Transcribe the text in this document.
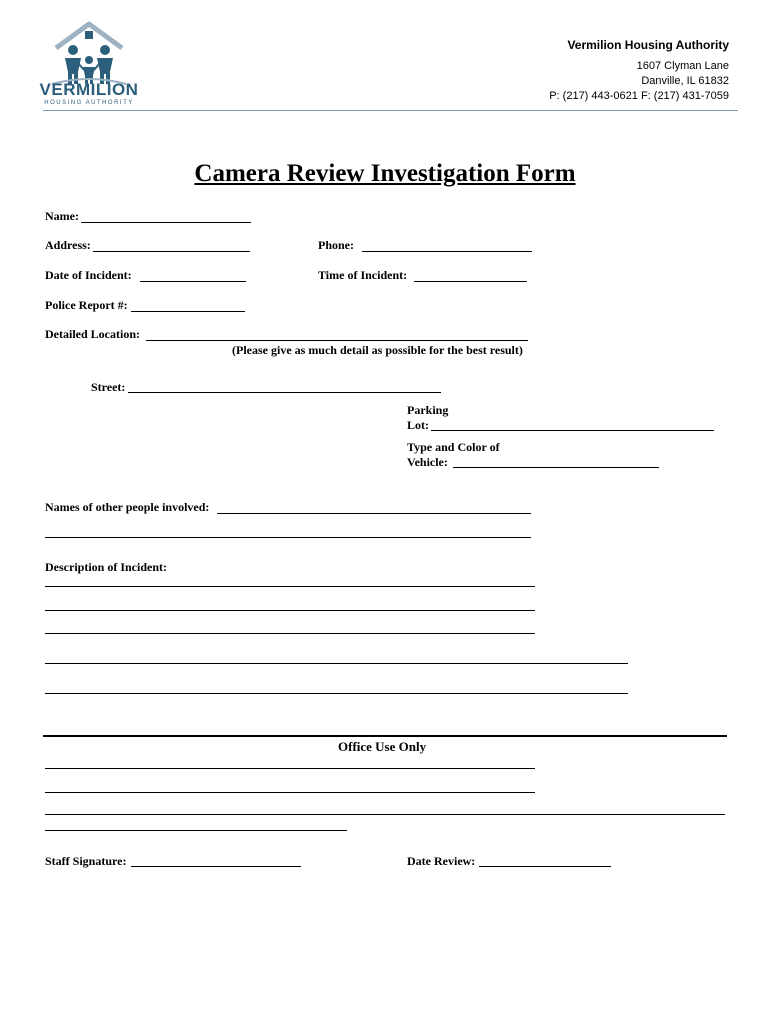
VERMILION
HOUSING AUTHORITY
Vermilion Housing Authority
1607 Clyman Lane
Danville, IL 61832
P: (217) 443-0621 F: (217) 431-7059
Camera Review Investigation Form
Name:
Address:	Phone:
Date of Incident:	Time of Incident:
Police Report #:
Detailed Location:
(Please give as much detail as possible for the best result)
Street:
Parking
Lot:
Type and Color of
Vehicle:
Names of other people involved:
Description of Incident:
Office Use Only
Staff Signature:	Date Review:
